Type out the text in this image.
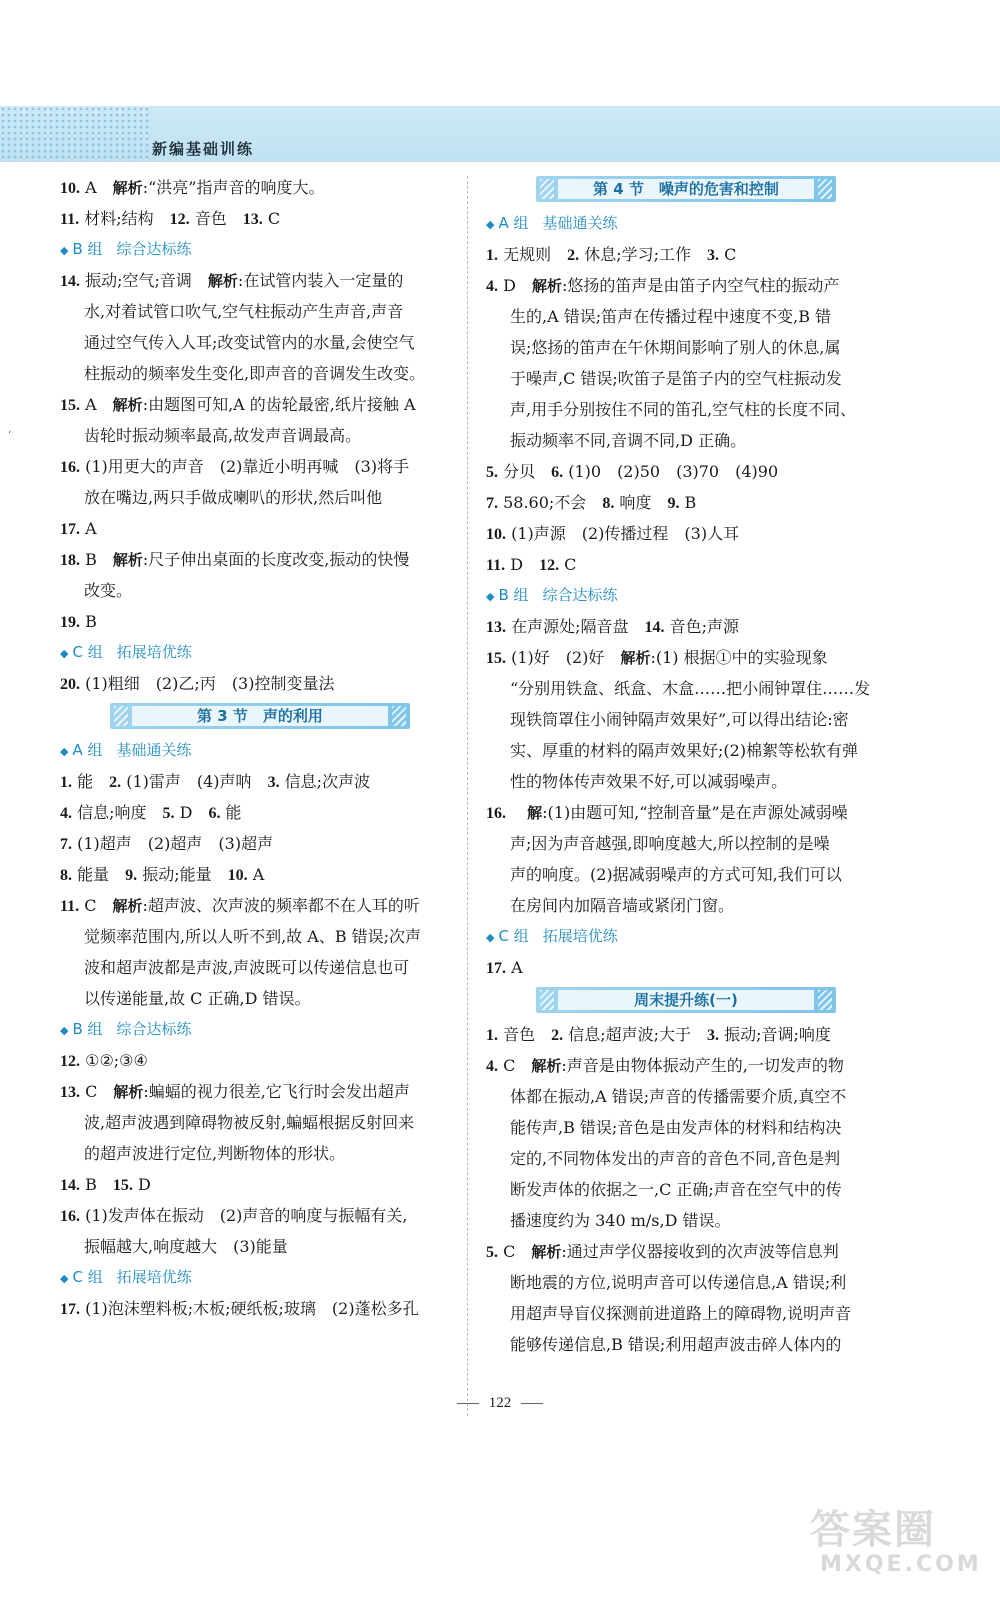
新编基础训练
‘
10. A　 解析:“洪亮”指声音的响度大。
11. 材料;结构　 12. 音色　 13. C
◆ B 组 综合达标练
14. 振动;空气;音调　 解析:在试管内装入一定量的
水,对着试管口吹气,空气柱振动产生声音,声音
通过空气传入人耳;改变试管内的水量,会使空气
柱振动的频率发生变化,即声音的音调发生改变。
15. A　 解析:由题图可知,A 的齿轮最密,纸片接触 A
齿轮时振动频率最高,故发声音调最高。
16. (1)用更大的声音　(2)靠近小明再喊　(3)将手
放在嘴边,两只手做成喇叭的形状,然后叫他
17. A
18. B　 解析:尺子伸出桌面的长度改变,振动的快慢
改变。
19. B
◆ C 组 拓展培优练
20. (1)粗细　(2)乙;丙　(3)控制变量法
第 3 节　声的利用
◆ A 组 基础通关练
1. 能　 2. (1)雷声　(4)声呐　 3. 信息;次声波
4. 信息;响度　 5. D　 6. 能
7. (1)超声　(2)超声　(3)超声
8. 能量　 9. 振动;能量　 10. A
11. C　 解析:超声波、次声波的频率都不在人耳的听
觉频率范围内,所以人听不到,故 A、B 错误;次声
波和超声波都是声波,声波既可以传递信息也可
以传递能量,故 C 正确,D 错误。
◆ B 组 综合达标练
12. ①②;③④
13. C　 解析:蝙蝠的视力很差,它飞行时会发出超声
波,超声波遇到障碍物被反射,蝙蝠根据反射回来
的超声波进行定位,判断物体的形状。
14. B　 15. D
16. (1)发声体在振动　(2)声音的响度与振幅有关,
振幅越大,响度越大　(3)能量
◆ C 组 拓展培优练
17. (1)泡沫塑料板;木板;硬纸板;玻璃　(2)蓬松多孔
第 4 节　噪声的危害和控制
◆ A 组 基础通关练
1. 无规则　 2. 休息;学习;工作　 3. C
4. D　 解析:悠扬的笛声是由笛子内空气柱的振动产
生的,A 错误;笛声在传播过程中速度不变,B 错
误;悠扬的笛声在午休期间影响了别人的休息,属
于噪声,C 错误;吹笛子是笛子内的空气柱振动发
声,用手分别按住不同的笛孔,空气柱的长度不同、
振动频率不同,音调不同,D 正确。
5. 分贝　 6. (1)0　(2)50　(3)70　(4)90
7. 58.60;不会　 8. 响度　 9. B
10. (1)声源　(2)传播过程　(3)人耳
11. D　 12. C
◆ B 组 综合达标练
13. 在声源处;隔音盘　 14. 音色;声源
15. (1)好　(2)好　 解析:(1) 根据①中的实验现象
“分别用铁盒、纸盒、木盒……把小闹钟罩住……发
现铁筒罩住小闹钟隔声效果好”,可以得出结论:密
实、厚重的材料的隔声效果好;(2)棉絮等松软有弹
性的物体传声效果不好,可以减弱噪声。
16. 　 解:(1)由题可知,“控制音量”是在声源处减弱噪
声;因为声音越强,即响度越大,所以控制的是噪
声的响度。(2)据减弱噪声的方式可知,我们可以
在房间内加隔音墙或紧闭门窗。
◆ C 组 拓展培优练
17. A
周末提升练(一)
1. 音色　 2. 信息;超声波;大于　 3. 振动;音调;响度
4. C　 解析:声音是由物体振动产生的,一切发声的物
体都在振动,A 错误;声音的传播需要介质,真空不
能传声,B 错误;音色是由发声体的材料和结构决
定的,不同物体发出的声音的音色不同,音色是判
断发声体的依据之一,C 正确;声音在空气中的传
播速度约为 340 m/s,D 错误。
5. C　 解析:通过声学仪器接收到的次声波等信息判
断地震的方位,说明声音可以传递信息,A 错误;利
用超声导盲仪探测前进道路上的障碍物,说明声音
能够传递信息,B 错误;利用超声波击碎人体内的
122
答案圈
MXQE.COM
